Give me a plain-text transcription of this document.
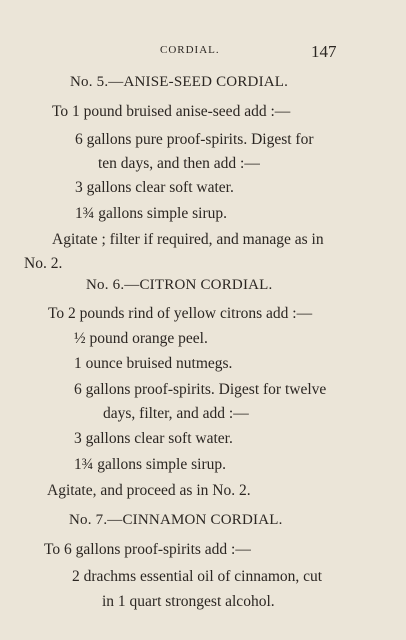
CORDIAL.	147
No. 5.—ANISE-SEED CORDIAL.
To 1 pound bruised anise-seed add :—
6 gallons pure proof-spirits. Digest for
ten days, and then add :—
3 gallons clear soft water.
1¾ gallons simple sirup.
Agitate ; filter if required, and manage as in
No. 2.
No. 6.—CITRON CORDIAL.
To 2 pounds rind of yellow citrons add :—
½ pound orange peel.
1 ounce bruised nutmegs.
6 gallons proof-spirits. Digest for twelve
days, filter, and add :—
3 gallons clear soft water.
1¾ gallons simple sirup.
Agitate, and proceed as in No. 2.
No. 7.—CINNAMON CORDIAL.
To 6 gallons proof-spirits add :—
2 drachms essential oil of cinnamon, cut
in 1 quart strongest alcohol.
